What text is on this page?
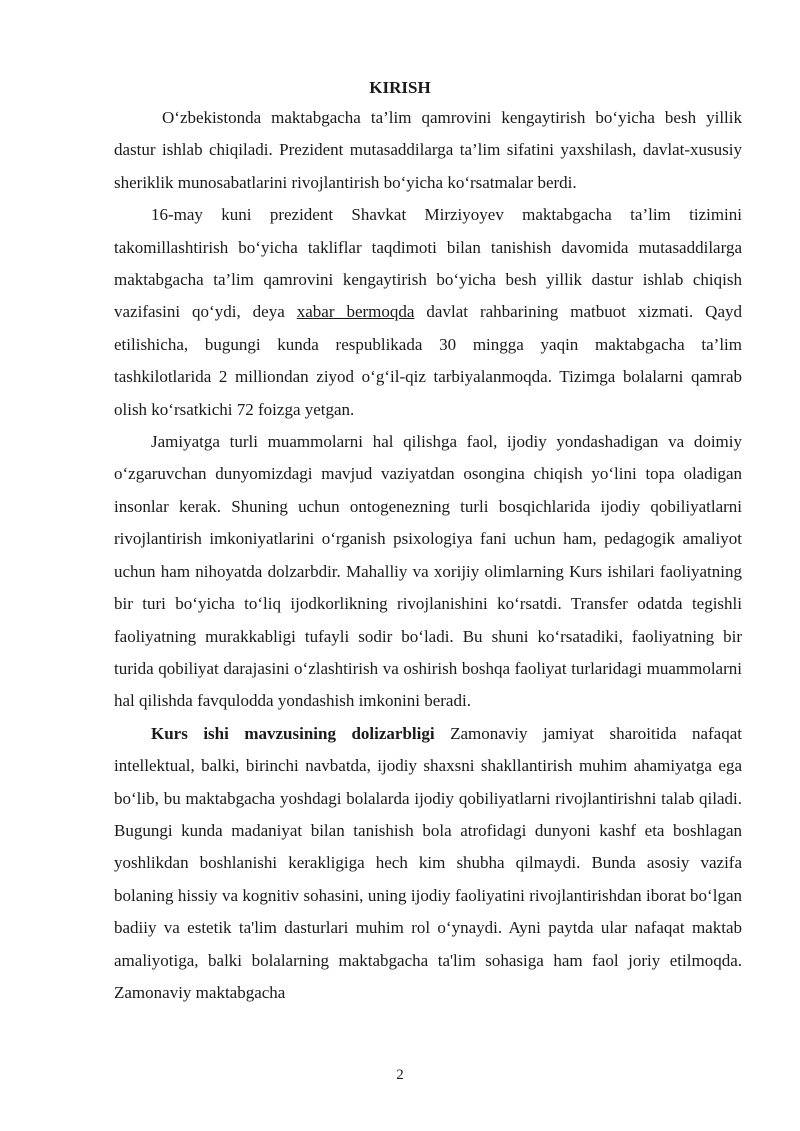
KIRISH

O‘zbekistonda maktabgacha ta’lim qamrovini kengaytirish bo‘yicha besh yillik dastur ishlab chiqiladi. Prezident mutasaddilarga ta’lim sifatini yaxshilash, davlat-xususiy sheriklik munosabatlarini rivojlantirish bo‘yicha ko‘rsatmalar berdi.

16-may kuni prezident Shavkat Mirziyoyev maktabgacha ta’lim tizimini takomillashtirish bo‘yicha takliflar taqdimoti bilan tanishish davomida mutasaddilarga maktabgacha ta’lim qamrovini kengaytirish bo‘yicha besh yillik dastur ishlab chiqish vazifasini qo‘ydi, deya xabar bermoqda davlat rahbarining matbuot xizmati. Qayd etilishicha, bugungi kunda respublikada 30 mingga yaqin maktabgacha ta’lim tashkilotlarida 2 milliondan ziyod o‘g‘il-qiz tarbiyalanmoqda. Tizimga bolalarni qamrab olish ko‘rsatkichi 72 foizga yetgan.

Jamiyatga turli muammolarni hal qilishga faol, ijodiy yondashadigan va doimiy o‘zgaruvchan dunyomizdagi mavjud vaziyatdan osongina chiqish yo‘lini topa oladigan insonlar kerak. Shuning uchun ontogenezning turli bosqichlarida ijodiy qobiliyatlarni rivojlantirish imkoniyatlarini o‘rganish psixologiya fani uchun ham, pedagogik amaliyot uchun ham nihoyatda dolzarbdir. Mahalliy va xorijiy olimlarning Kurs ishilari faoliyatning bir turi bo‘yicha to‘liq ijodkorlikning rivojlanishini ko‘rsatdi. Transfer odatda tegishli faoliyatning murakkabligi tufayli sodir bo‘ladi. Bu shuni ko‘rsatadiki, faoliyatning bir turida qobiliyat darajasini o‘zlashtirish va oshirish boshqa faoliyat turlaridagi muammolarni hal qilishda favqulodda yondashish imkonini beradi.

Kurs ishi mavzusining dolizarbligi Zamonaviy jamiyat sharoitida nafaqat intellektual, balki, birinchi navbatda, ijodiy shaxsni shakllantirish muhim ahamiyatga ega bo‘lib, bu maktabgacha yoshdagi bolalarda ijodiy qobiliyatlarni rivojlantirishni talab qiladi. Bugungi kunda madaniyat bilan tanishish bola atrofidagi dunyoni kashf eta boshlagan yoshlikdan boshlanishi kerakligiga hech kim shubha qilmaydi. Bunda asosiy vazifa bolaning hissiy va kognitiv sohasini, uning ijodiy faoliyatini rivojlantirishdan iborat bo‘lgan badiiy va estetik ta'lim dasturlari muhim rol o‘ynaydi. Ayni paytda ular nafaqat maktab amaliyotiga, balki bolalarning maktabgacha ta'lim sohasiga ham faol joriy etilmoqda. Zamonaviy maktabgacha

2
